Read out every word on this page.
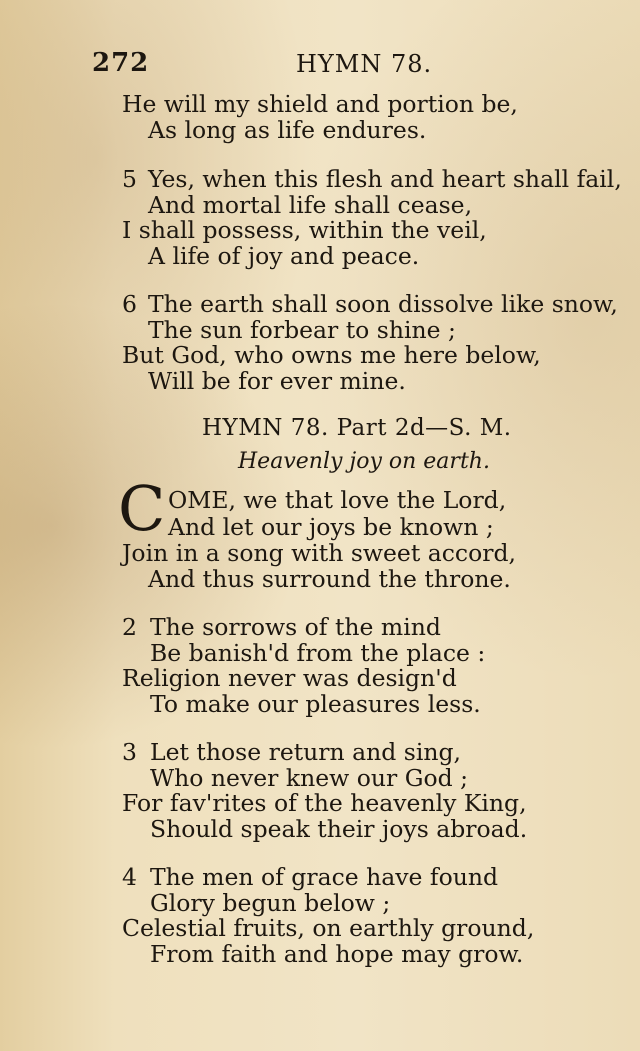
272	HYMN 78.
He will my shield and portion be,
As long as life endures.
5 Yes, when this flesh and heart shall fail,
And mortal life shall cease,
I shall possess, within the veil,
A life of joy and peace.
6 The earth shall soon dissolve like snow,
The sun forbear to shine ;
But God, who owns me here below,
Will be for ever mine.
HYMN 78. Part 2d—S. M.
Heavenly joy on earth.
C OME, we that love the Lord,
And let our joys be known ;
Join in a song with sweet accord,
And thus surround the throne.
2 The sorrows of the mind
Be banish'd from the place :
Religion never was design'd
To make our pleasures less.
3 Let those return and sing,
Who never knew our God ;
For fav'rites of the heavenly King,
Should speak their joys abroad.
4 The men of grace have found
Glory begun below ;
Celestial fruits, on earthly ground,
From faith and hope may grow.
